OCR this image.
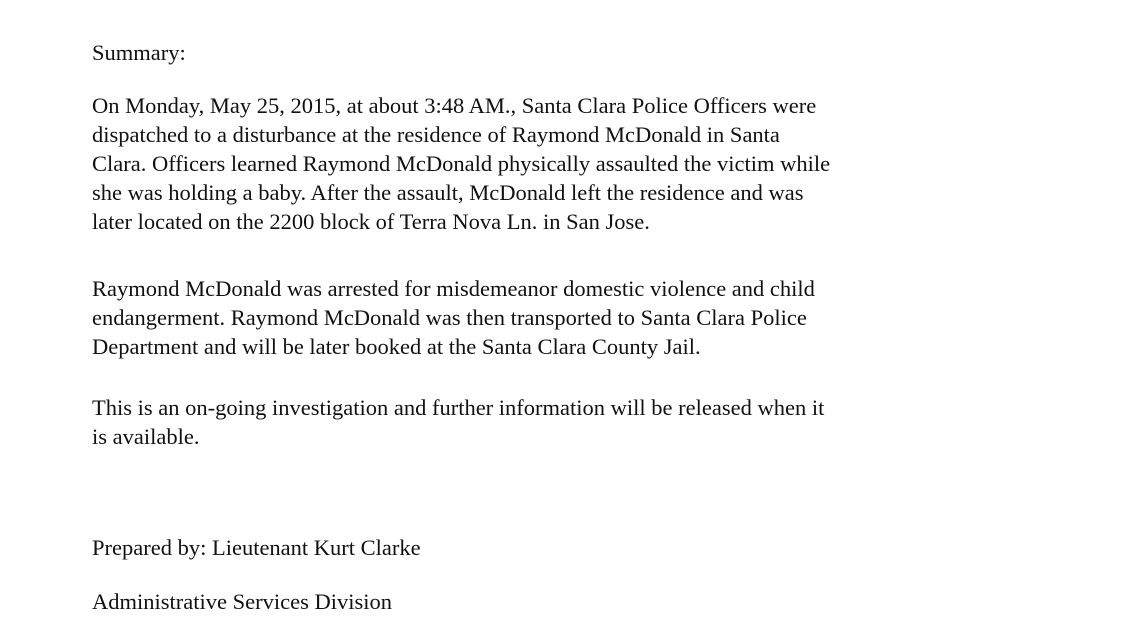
Summary:

On Monday, May 25, 2015, at about 3:48 AM., Santa Clara Police Officers were
dispatched to a disturbance at the residence of Raymond McDonald in Santa
Clara. Officers learned Raymond McDonald physically assaulted the victim while
she was holding a baby. After the assault, McDonald left the residence and was
later located on the 2200 block of Terra Nova Ln. in San Jose.

Raymond McDonald was arrested for misdemeanor domestic violence and child
endangerment. Raymond McDonald was then transported to Santa Clara Police
Department and will be later booked at the Santa Clara County Jail.

This is an on-going investigation and further information will be released when it
is available.

Prepared by: Lieutenant Kurt Clarke

Administrative Services Division
